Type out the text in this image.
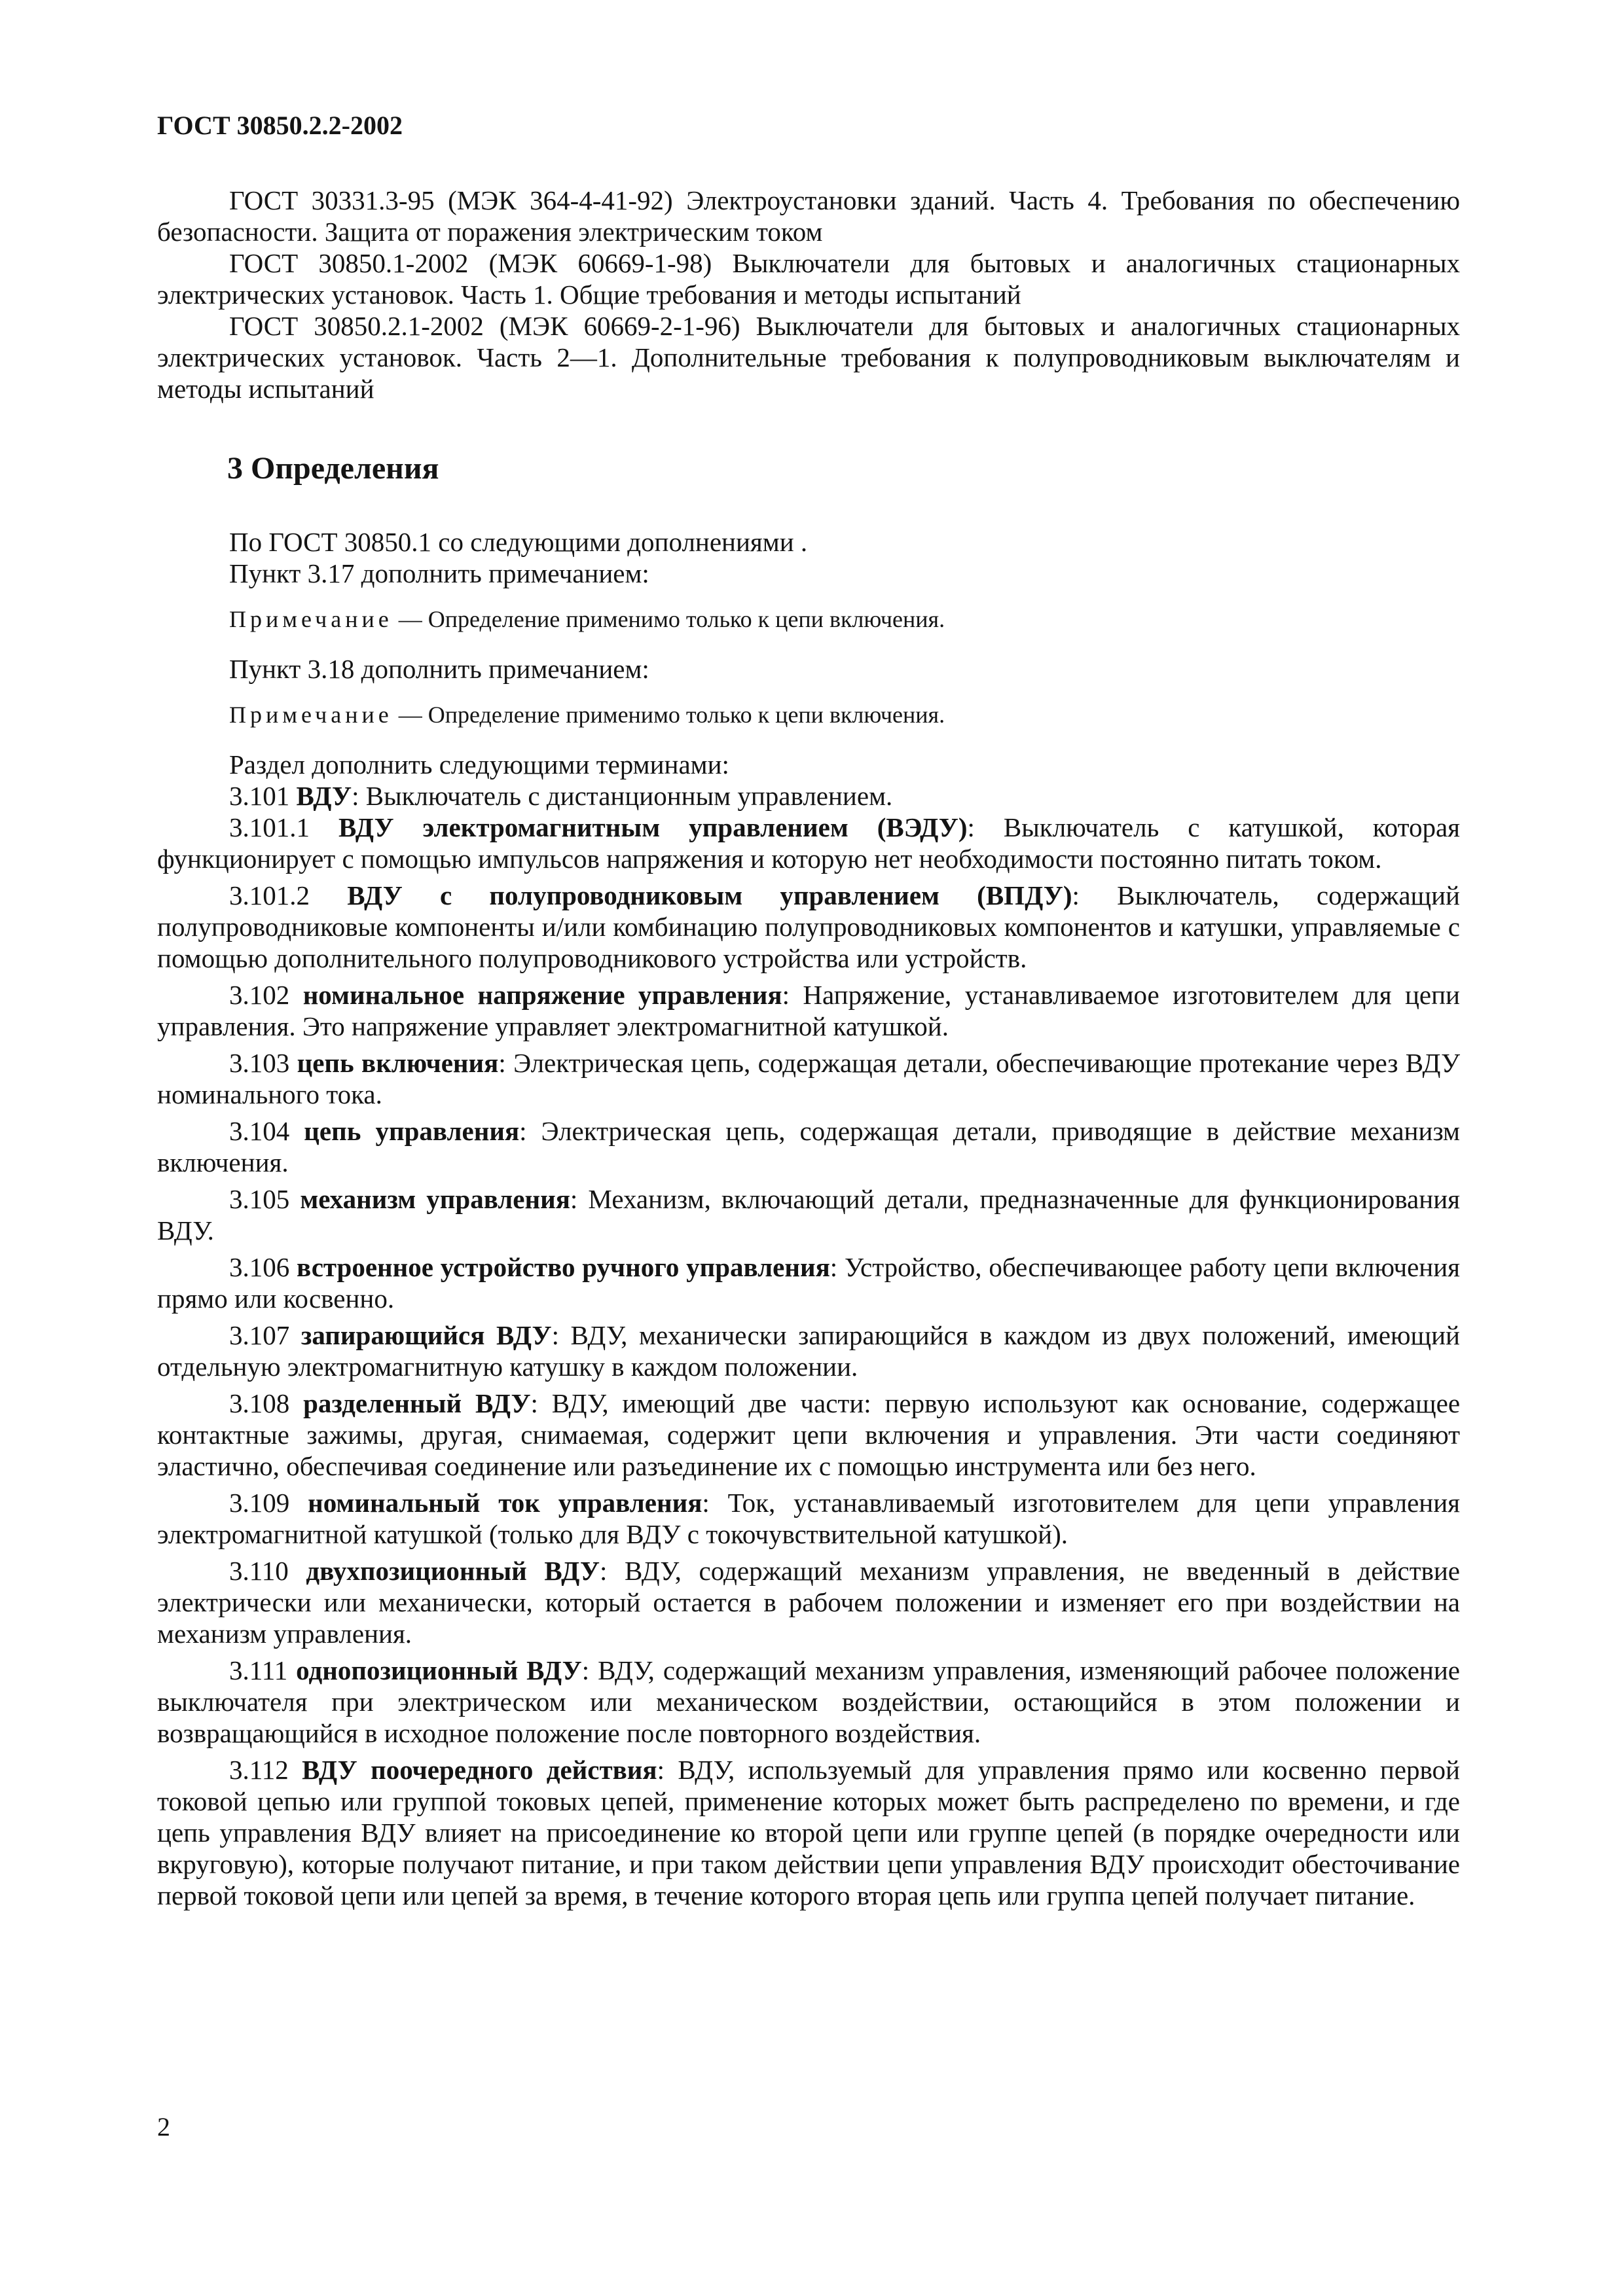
ГОСТ 30850.2.2-2002

ГОСТ 30331.3-95 (МЭК 364-4-41-92) Электроустановки зданий. Часть 4. Требования по обеспечению безопасности. Защита от поражения электрическим током

ГОСТ 30850.1-2002 (МЭК 60669-1-98) Выключатели для бытовых и аналогичных стационарных электрических установок. Часть 1. Общие требования и методы испытаний

ГОСТ 30850.2.1-2002 (МЭК 60669-2-1-96) Выключатели для бытовых и аналогичных стационарных электрических установок. Часть 2—1. Дополнительные требования к полупроводниковым выключателям и методы испытаний

3 Определения

По ГОСТ 30850.1 со следующими дополнениями .

Пункт 3.17 дополнить примечанием:

Примечание — Определение применимо только к цепи включения.

Пункт 3.18 дополнить примечанием:

Примечание — Определение применимо только к цепи включения.

Раздел дополнить следующими терминами:

3.101 ВДУ: Выключатель с дистанционным управлением.

3.101.1 ВДУ электромагнитным управлением (ВЭДУ): Выключатель с катушкой, которая функционирует с помощью импульсов напряжения и которую нет необходимости постоянно питать током.

3.101.2 ВДУ с полупроводниковым управлением (ВПДУ): Выключатель, содержащий полупроводниковые компоненты и/или комбинацию полупроводниковых компонентов и катушки, управляемые с помощью дополнительного полупроводникового устройства или устройств.

3.102 номинальное напряжение управления: Напряжение, устанавливаемое изготовителем для цепи управления. Это напряжение управляет электромагнитной катушкой.

3.103 цепь включения: Электрическая цепь, содержащая детали, обеспечивающие протекание через ВДУ номинального тока.

3.104 цепь управления: Электрическая цепь, содержащая детали, приводящие в действие механизм включения.

3.105 механизм управления: Механизм, включающий детали, предназначенные для функционирования ВДУ.

3.106 встроенное устройство ручного управления: Устройство, обеспечивающее работу цепи включения прямо или косвенно.

3.107 запирающийся ВДУ: ВДУ, механически запирающийся в каждом из двух положений, имеющий отдельную электромагнитную катушку в каждом положении.

3.108 разделенный ВДУ: ВДУ, имеющий две части: первую используют как основание, содержащее контактные зажимы, другая, снимаемая, содержит цепи включения и управления. Эти части соединяют эластично, обеспечивая соединение или разъединение их с помощью инструмента или без него.

3.109 номинальный ток управления: Ток, устанавливаемый изготовителем для цепи управления электромагнитной катушкой (только для ВДУ с токочувствительной катушкой).

3.110 двухпозиционный ВДУ: ВДУ, содержащий механизм управления, не введенный в действие электрически или механически, который остается в рабочем положении и изменяет его при воздействии на механизм управления.

3.111 однопозиционный ВДУ: ВДУ, содержащий механизм управления, изменяющий рабочее положение выключателя при электрическом или механическом воздействии, остающийся в этом положении и возвращающийся в исходное положение после повторного воздействия.

3.112 ВДУ поочередного действия: ВДУ, используемый для управления прямо или косвенно первой токовой цепью или группой токовых цепей, применение которых может быть распределено по времени, и где цепь управления ВДУ влияет на присоединение ко второй цепи или группе цепей (в порядке очередности или вкруговую), которые получают питание, и при таком действии цепи управления ВДУ происходит обесточивание первой токовой цепи или цепей за время, в течение которого вторая цепь или группа цепей получает питание.

2
